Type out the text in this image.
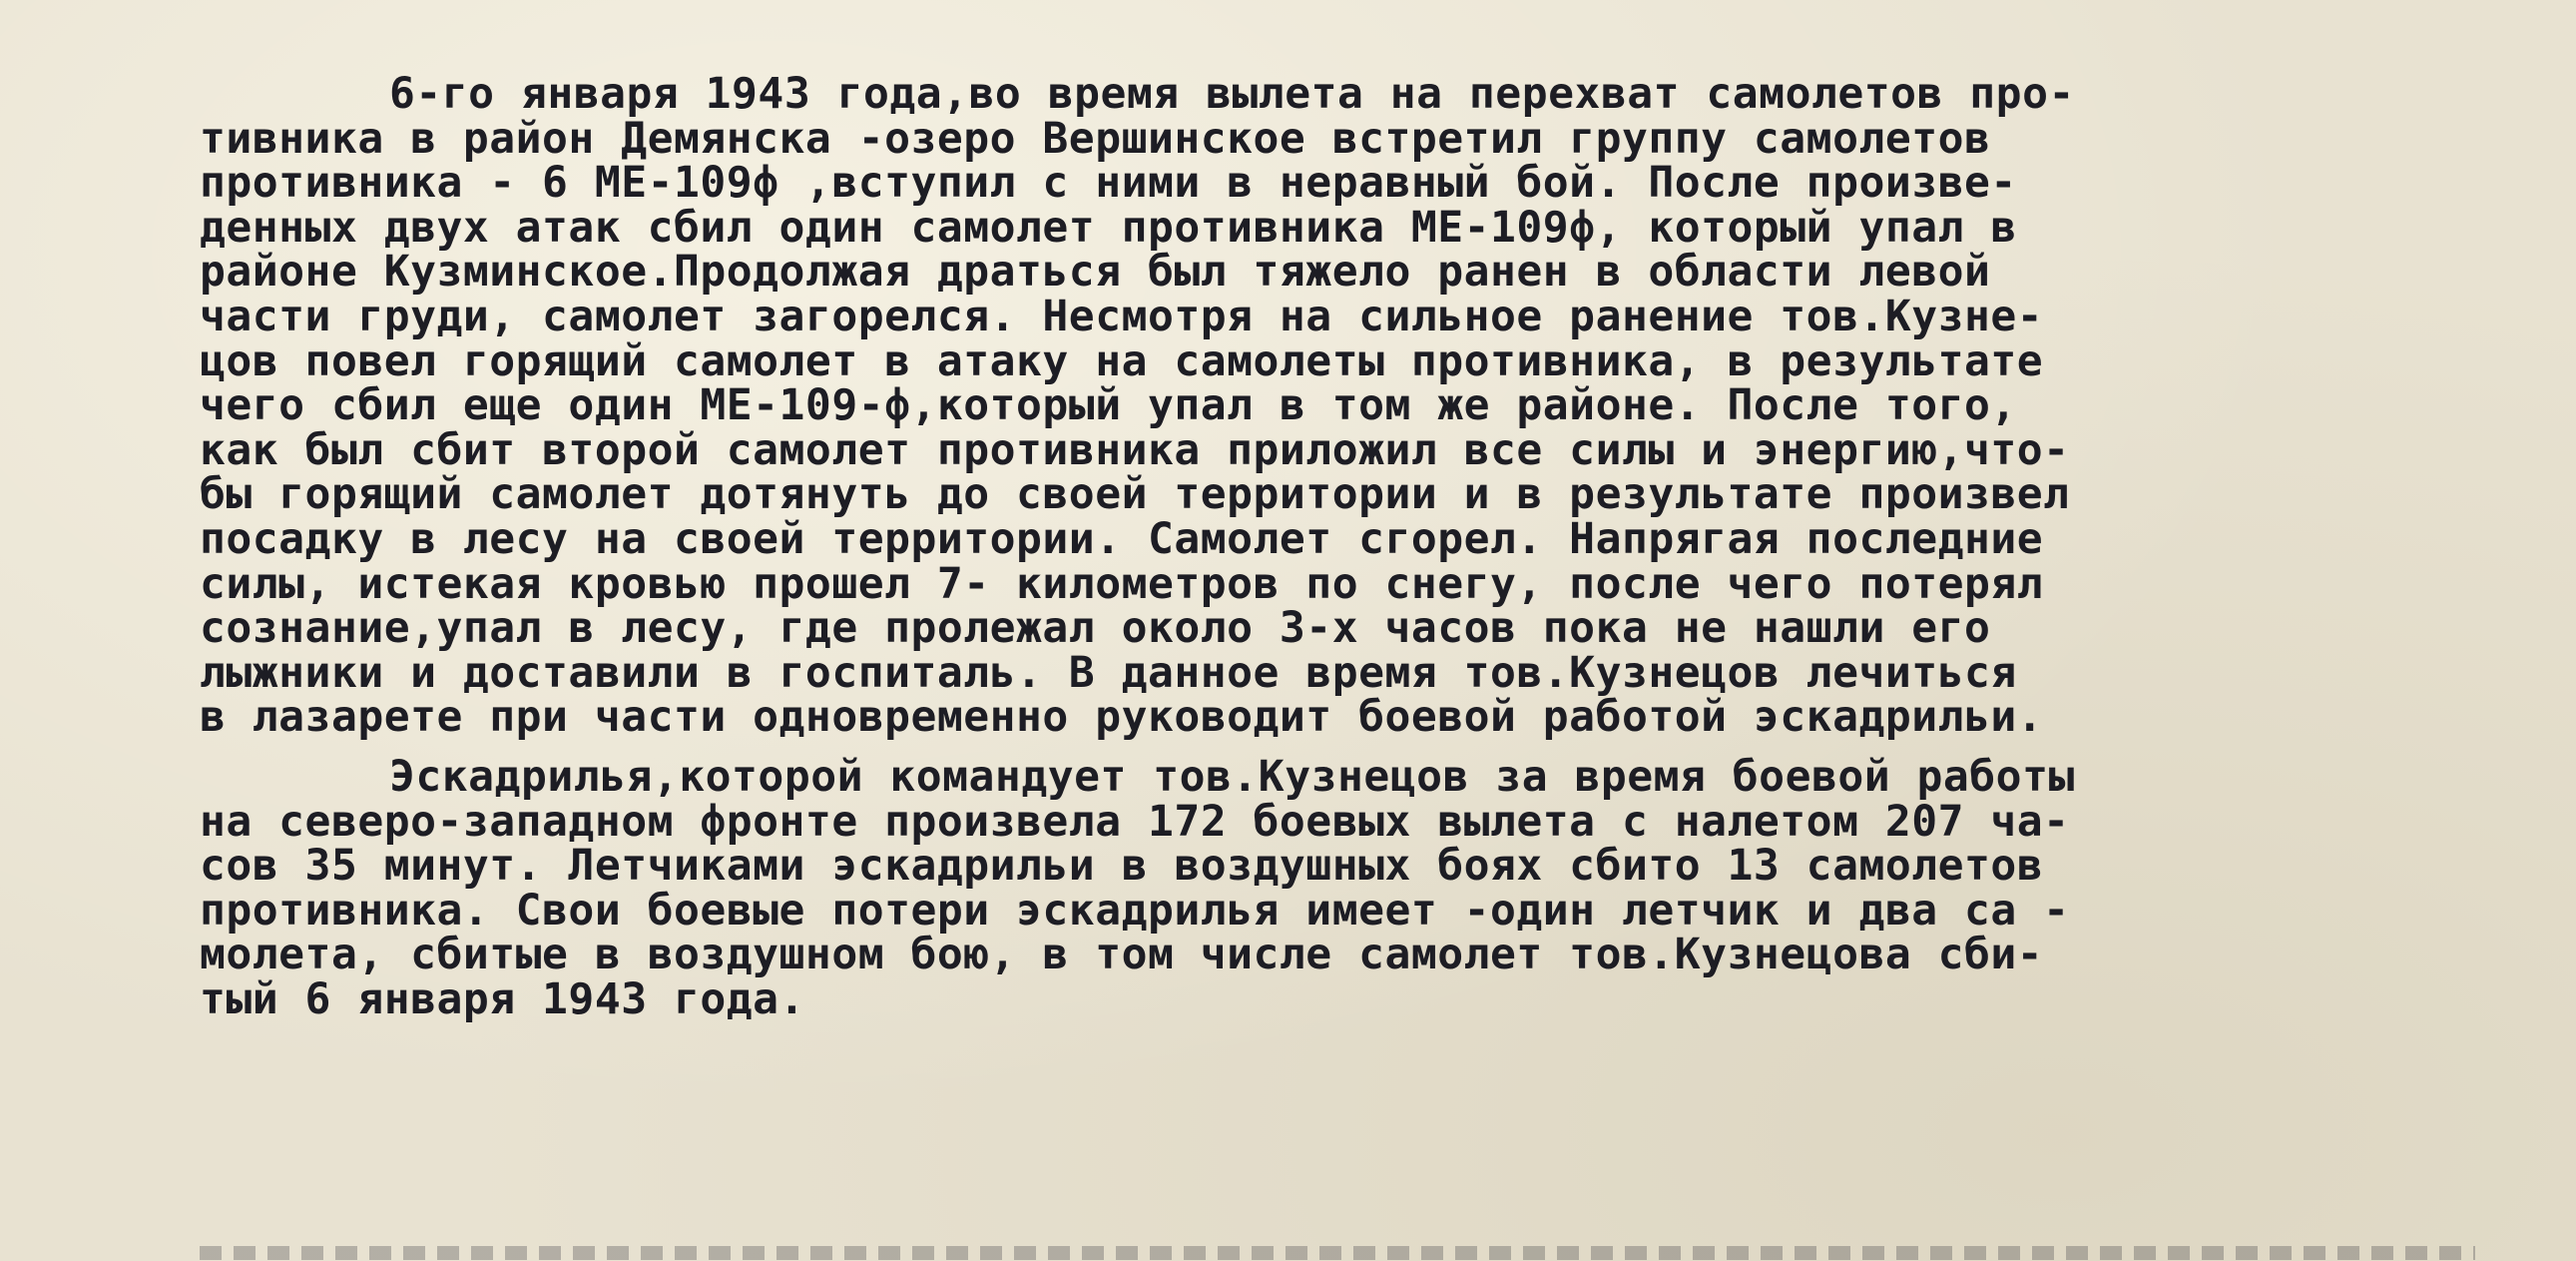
6-го января 1943 года,во время вылета на перехват самолетов про-
тивника в район Демянска -озеро Вершинское встретил группу самолетов
противника - 6 МЕ-109ф ,вступил с ними в неравный бой. После произве-
денных двух атак сбил один самолет противника МЕ-109ф, который упал в
районе Кузминское.Продолжая драться был тяжело ранен в области левой
части груди, самолет загорелся. Несмотря на сильное ранение тов.Кузне-
цов повел горящий самолет в атаку на самолеты противника, в результате
чего сбил еще один МЕ-109-ф,который упал в том же районе. После того,
как был сбит второй самолет противника приложил все силы и энергию,что-
бы горящий самолет дотянуть до своей территории и в результате произвел
посадку в лесу на своей территории. Самолет сгорел. Напрягая последние
силы, истекая кровью прошел 7- километров по снегу, после чего потерял
сознание,упал в лесу, где пролежал около 3-х часов пока не нашли его
лыжники и доставили в госпиталь. В данное время тов.Кузнецов лечиться
в лазарете при части одновременно руководит боевой работой эскадрильи.
Эскадрилья,которой командует тов.Кузнецов за время боевой работы
на северо-западном фронте произвела 172 боевых вылета с налетом 207 ча-
сов 35 минут. Летчиками эскадрильи в воздушных боях сбито 13 самолетов
противника. Свои боевые потери эскадрилья имеет -один летчик и два са -
молета, сбитые в воздушном бою, в том числе самолет тов.Кузнецова сби-
тый 6 января 1943 года.
